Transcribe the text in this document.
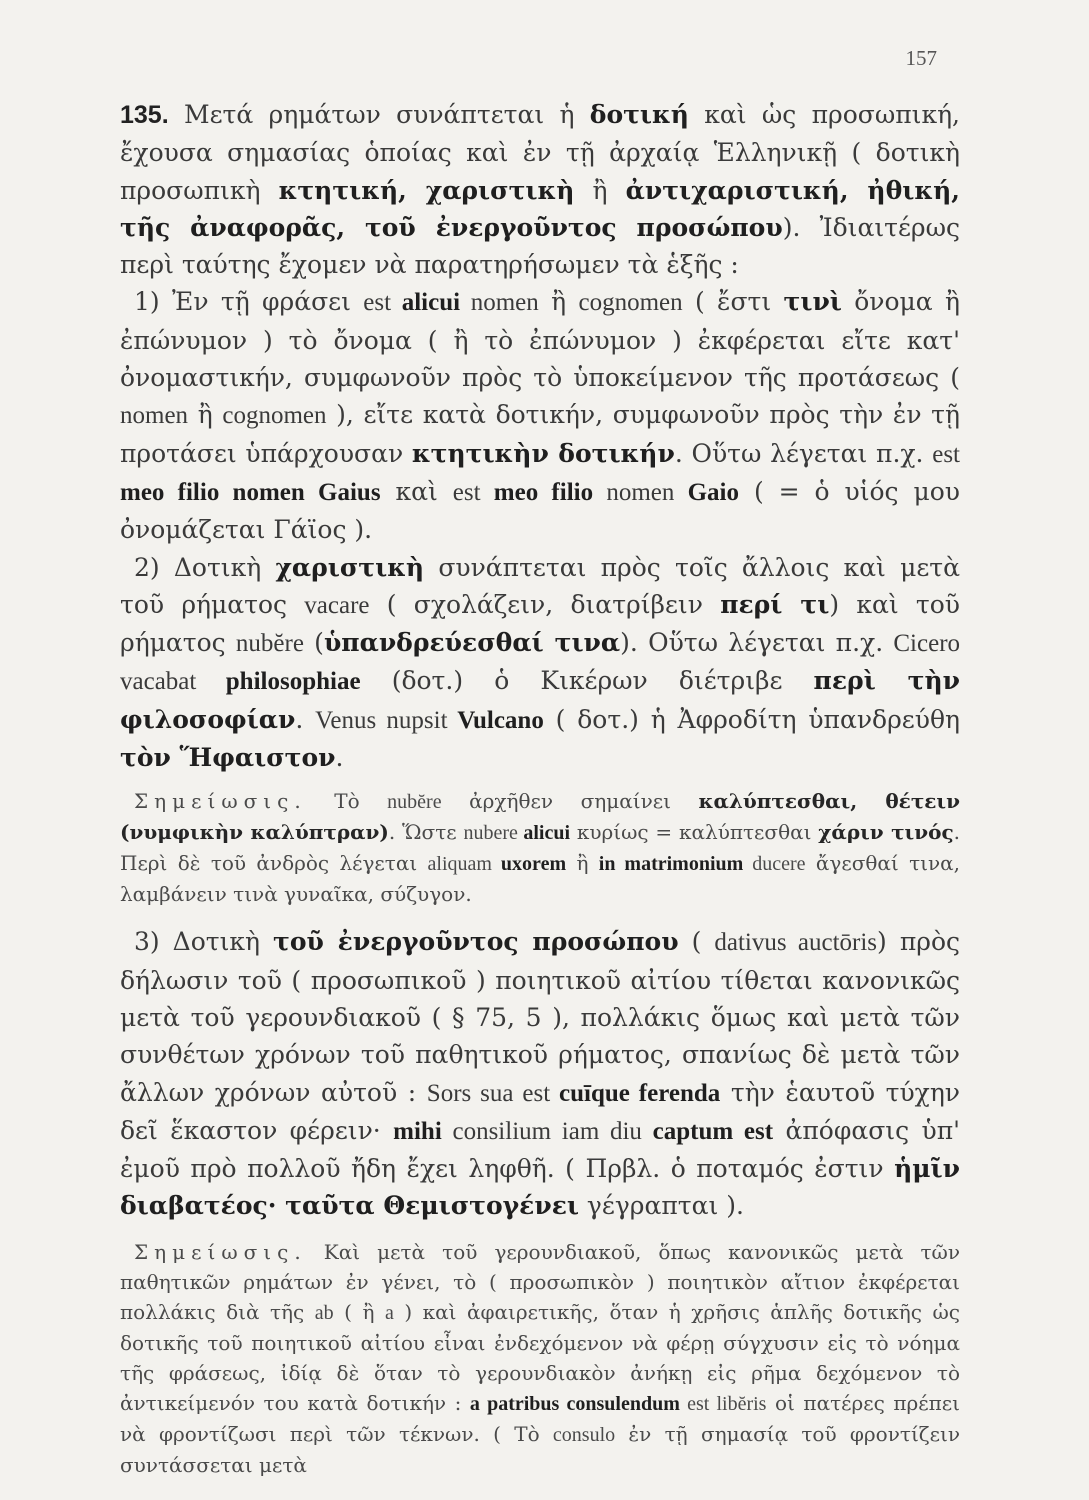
157

135. Μετά ρημάτων συνάπτεται ἡ δοτική καὶ ὡς προσωπική, ἔχουσα σημασίας ὁποίας καὶ ἐν τῇ ἀρχαίᾳ Ἑλληνικῇ ( δοτικὴ προσωπικὴ κτητική, χαριστικὴ ἢ ἀντιχαριστική, ἠθική, τῆς ἀναφορᾶς, τοῦ ἐνεργοῦντος προσώπου). Ἰδιαιτέρως περὶ ταύτης ἔχομεν νὰ παρατηρήσωμεν τὰ ἑξῆς :

1) Ἐν τῇ φράσει est alicui nomen ἢ cognomen ( ἔστι τινὶ ὄνομα ἢ ἐπώνυμον ) τὸ ὄνομα ( ἢ τὸ ἐπώνυμον ) ἐκφέρεται εἴτε κατ' ὀνομαστικήν, συμφωνοῦν πρὸς τὸ ὑποκείμενον τῆς προτάσεως ( nomen ἢ cognomen ), εἴτε κατὰ δοτικήν, συμφωνοῦν πρὸς τὴν ἐν τῇ προτάσει ὑπάρχουσαν κτητικὴν δοτικήν. Οὕτω λέγεται π.χ. est meo filio nomen Gaius καὶ est meo filio nomen Gaio ( = ὁ υἱός μου ὀνομάζεται Γάϊος ).

2) Δοτικὴ χαριστικὴ συνάπτεται πρὸς τοῖς ἄλλοις καὶ μετὰ τοῦ ρήματος vacare ( σχολάζειν, διατρίβειν περί τι) καὶ τοῦ ρήματος nubĕre (ὑπανδρεύεσθαί τινα). Οὕτω λέγεται π.χ. Cicero vacabat philosophiae (δοτ.) ὁ Κικέρων διέτριβε περὶ τὴν φιλοσοφίαν. Venus nupsit Vulcano ( δοτ.) ἡ Ἀφροδίτη ὑπανδρεύθη τὸν Ἥφαιστον.

Σημείωσις. Τὸ nubĕre ἀρχῆθεν σημαίνει καλύπτεσθαι, θέτειν (νυμφικὴν καλύπτραν). Ὥστε nubere alicui κυρίως = καλύπτεσθαι χάριν τινός. Περὶ δὲ τοῦ ἀνδρὸς λέγεται aliquam uxorem ἢ in matrimonium ducere ἄγεσθαί τινα, λαμβάνειν τινὰ γυναῖκα, σύζυγον.

3) Δοτικὴ τοῦ ἐνεργοῦντος προσώπου ( dativus auctōris) πρὸς δήλωσιν τοῦ ( προσωπικοῦ ) ποιητικοῦ αἰτίου τίθεται κανονικῶς μετὰ τοῦ γερουνδιακοῦ ( § 75, 5 ), πολλάκις ὅμως καὶ μετὰ τῶν συνθέτων χρόνων τοῦ παθητικοῦ ρήματος, σπανίως δὲ μετὰ τῶν ἄλλων χρόνων αὐτοῦ : Sors sua est cuīque ferenda τὴν ἑαυτοῦ τύχην δεῖ ἕκαστον φέρειν· mihi consilium iam diu captum est ἀπόφασις ὑπ' ἐμοῦ πρὸ πολλοῦ ἤδη ἔχει ληφθῆ. ( Πρβλ. ὁ ποταμός ἐστιν ἡμῖν διαβατέος· ταῦτα Θεμιστογένει γέγραπται ).

Σημείωσις. Καὶ μετὰ τοῦ γερουνδιακοῦ, ὅπως κανονικῶς μετὰ τῶν παθητικῶν ρημάτων ἐν γένει, τὸ ( προσωπικὸν ) ποιητικὸν αἴτιον ἐκφέρεται πολλάκις διὰ τῆς ab ( ἢ a ) καὶ ἀφαιρετικῆς, ὅταν ἡ χρῆσις ἁπλῆς δοτικῆς ὡς δοτικῆς τοῦ ποιητικοῦ αἰτίου εἶναι ἐνδεχόμενον νὰ φέρῃ σύγχυσιν εἰς τὸ νόημα τῆς φράσεως, ἰδίᾳ δὲ ὅταν τὸ γερουνδιακὸν ἀνήκῃ εἰς ρῆμα δεχόμενον τὸ ἀντικείμενόν του κατὰ δοτικήν : a patribus consulendum est libĕris οἱ πατέρες πρέπει νὰ φροντίζωσι περὶ τῶν τέκνων. ( Τὸ consulo ἐν τῇ σημασίᾳ τοῦ φροντίζειν συντάσσεται μετὰ
